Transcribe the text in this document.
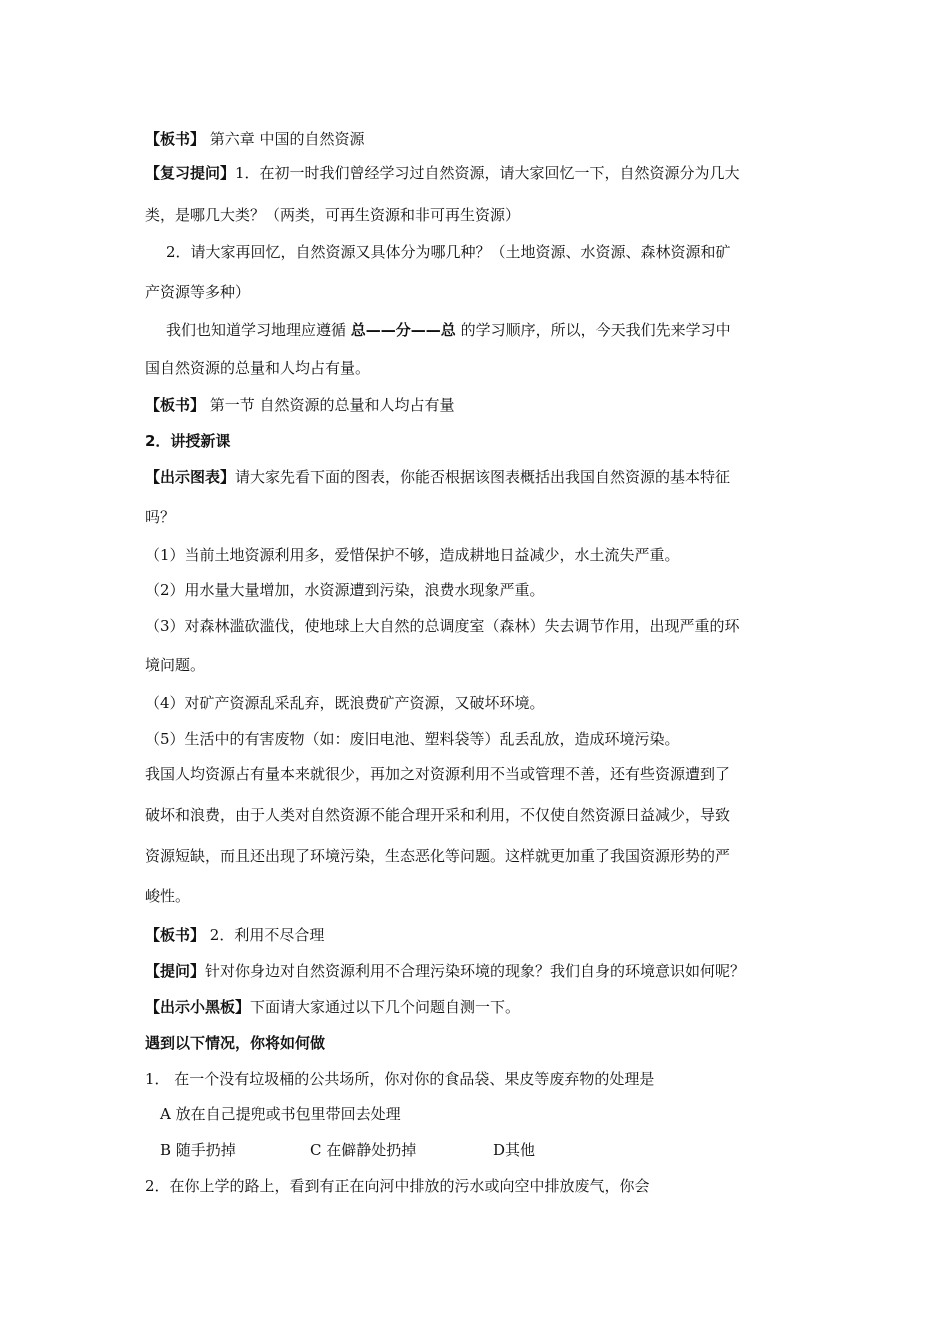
【板书】 第六章 中国的自然资源
【复习提问】1．在初一时我们曾经学习过自然资源，请大家回忆一下，自然资源分为几大
类，是哪几大类？（两类，可再生资源和非可再生资源）
2．请大家再回忆，自然资源又具体分为哪几种？（土地资源、水资源、森林资源和矿
产资源等多种）
我们也知道学习地理应遵循 总——分——总 的学习顺序，所以，今天我们先来学习中
国自然资源的总量和人均占有量。
【板书】 第一节 自然资源的总量和人均占有量
2．讲授新课
【出示图表】请大家先看下面的图表，你能否根据该图表概括出我国自然资源的基本特征
吗？
（1）当前土地资源利用多，爱惜保护不够，造成耕地日益减少，水土流失严重。
（2）用水量大量增加，水资源遭到污染，浪费水现象严重。
（3）对森林滥砍滥伐，使地球上大自然的总调度室（森林）失去调节作用，出现严重的环
境问题。
（4）对矿产资源乱采乱弃，既浪费矿产资源，又破坏环境。
（5）生活中的有害废物（如：废旧电池、塑料袋等）乱丢乱放，造成环境污染。
我国人均资源占有量本来就很少，再加之对资源利用不当或管理不善，还有些资源遭到了
破坏和浪费，由于人类对自然资源不能合理开采和利用，不仅使自然资源日益减少，导致
资源短缺，而且还出现了环境污染，生态恶化等问题。这样就更加重了我国资源形势的严
峻性。
【板书】 2．利用不尽合理
【提问】针对你身边对自然资源利用不合理污染环境的现象？我们自身的环境意识如何呢？
【出示小黑板】下面请大家通过以下几个问题自测一下。
遇到以下情况，你将如何做
1． 在一个没有垃圾桶的公共场所，你对你的食品袋、果皮等废弃物的处理是
A 放在自己提兜或书包里带回去处理
B 随手扔掉	C 在僻静处扔掉	D其他
2．在你上学的路上，看到有正在向河中排放的污水或向空中排放废气，你会
